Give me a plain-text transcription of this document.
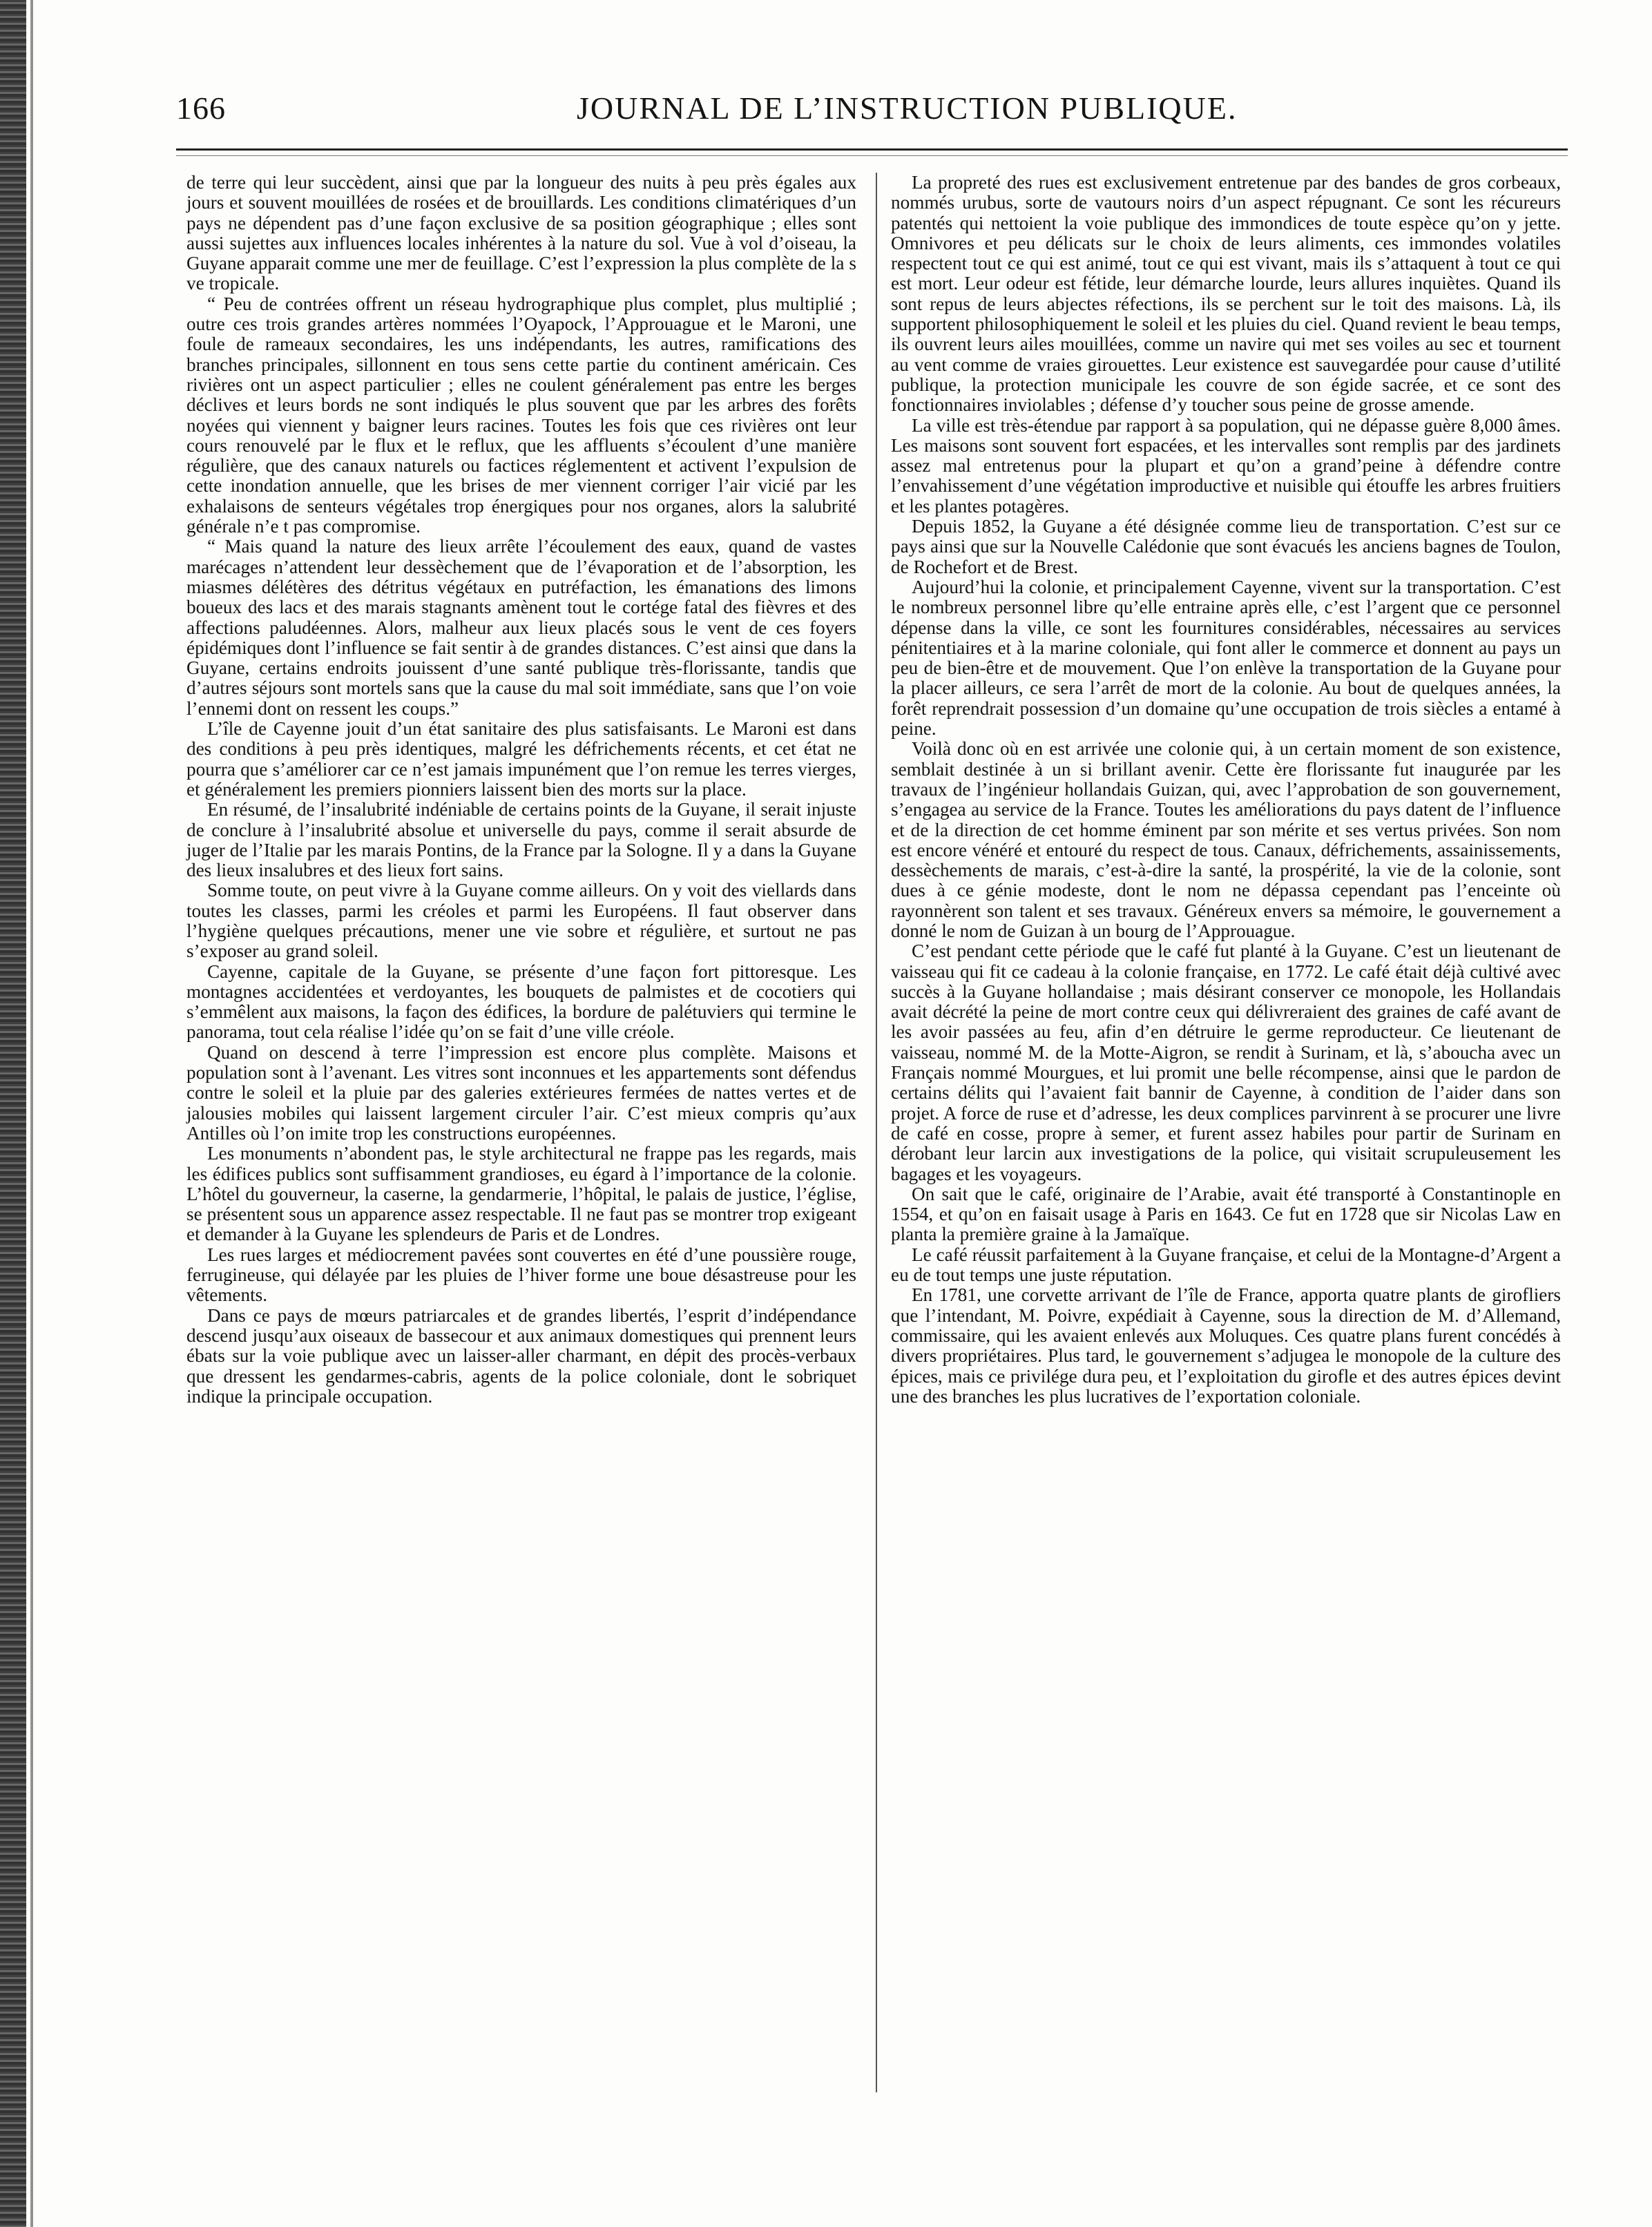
166	JOURNAL DE L’INSTRUCTION PUBLIQUE.

de terre qui leur succèdent, ainsi que par la longueur des nuits à peu près égales aux jours et souvent mouillées de rosées et de brouillards. Les conditions climatériques d’un pays ne dépendent pas d’une façon exclusive de sa position géographique ; elles sont aussi sujettes aux influences locales inhérentes à la nature du sol. Vue à vol d’oiseau, la Guyane apparait comme une mer de feuillage. C’est l’expression la plus complète de la s ve tropicale.

“ Peu de contrées offrent un réseau hydrographique plus complet, plus multiplié ; outre ces trois grandes artères nommées l’Oyapock, l’Approuague et le Maroni, une foule de rameaux secondaires, les uns indépendants, les autres, ramifications des branches principales, sillonnent en tous sens cette partie du continent américain. Ces rivières ont un aspect particulier ; elles ne coulent généralement pas entre les berges déclives et leurs bords ne sont indiqués le plus souvent que par les arbres des forêts noyées qui viennent y baigner leurs racines. Toutes les fois que ces rivières ont leur cours renouvelé par le flux et le reflux, que les affluents s’écoulent d’une manière régulière, que des canaux naturels ou factices réglementent et activent l’expulsion de cette inondation annuelle, que les brises de mer viennent corriger l’air vicié par les exhalaisons de senteurs végétales trop énergiques pour nos organes, alors la salubrité générale n’e t pas compromise.

“ Mais quand la nature des lieux arrête l’écoulement des eaux, quand de vastes marécages n’attendent leur dessèchement que de l’évaporation et de l’absorption, les miasmes délétères des détritus végétaux en putréfaction, les émanations des limons boueux des lacs et des marais stagnants amènent tout le cortége fatal des fièvres et des affections paludéennes. Alors, malheur aux lieux placés sous le vent de ces foyers épidémiques dont l’influence se fait sentir à de grandes distances. C’est ainsi que dans la Guyane, certains endroits jouissent d’une santé publique très-florissante, tandis que d’autres séjours sont mortels sans que la cause du mal soit immédiate, sans que l’on voie l’ennemi dont on ressent les coups.”

L’île de Cayenne jouit d’un état sanitaire des plus satisfaisants. Le Maroni est dans des conditions à peu près identiques, malgré les défrichements récents, et cet état ne pourra que s’améliorer car ce n’est jamais impunément que l’on remue les terres vierges, et généralement les premiers pionniers laissent bien des morts sur la place.

En résumé, de l’insalubrité indéniable de certains points de la Guyane, il serait injuste de conclure à l’insalubrité absolue et universelle du pays, comme il serait absurde de juger de l’Italie par les marais Pontins, de la France par la Sologne. Il y a dans la Guyane des lieux insalubres et des lieux fort sains.

Somme toute, on peut vivre à la Guyane comme ailleurs. On y voit des viellards dans toutes les classes, parmi les créoles et parmi les Européens. Il faut observer dans l’hygiène quelques précautions, mener une vie sobre et régulière, et surtout ne pas s’exposer au grand soleil.

Cayenne, capitale de la Guyane, se présente d’une façon fort pittoresque. Les montagnes accidentées et verdoyantes, les bouquets de palmistes et de cocotiers qui s’emmêlent aux maisons, la façon des édifices, la bordure de palétuviers qui termine le panorama, tout cela réalise l’idée qu’on se fait d’une ville créole.

Quand on descend à terre l’impression est encore plus complète. Maisons et population sont à l’avenant. Les vitres sont inconnues et les appartements sont défendus contre le soleil et la pluie par des galeries extérieures fermées de nattes vertes et de jalousies mobiles qui laissent largement circuler l’air. C’est mieux compris qu’aux Antilles où l’on imite trop les constructions européennes.

Les monuments n’abondent pas, le style architectural ne frappe pas les regards, mais les édifices publics sont suffisamment grandioses, eu égard à l’importance de la colonie. L’hôtel du gouverneur, la caserne, la gendarmerie, l’hôpital, le palais de justice, l’église, se présentent sous un apparence assez respectable. Il ne faut pas se montrer trop exigeant et demander à la Guyane les splendeurs de Paris et de Londres.

Les rues larges et médiocrement pavées sont couvertes en été d’une poussière rouge, ferrugineuse, qui délayée par les pluies de l’hiver forme une boue désastreuse pour les vêtements.

Dans ce pays de mœurs patriarcales et de grandes libertés, l’esprit d’indépendance descend jusqu’aux oiseaux de bassecour et aux animaux domestiques qui prennent leurs ébats sur la voie publique avec un laisser-aller charmant, en dépit des procès-verbaux que dressent les gendarmes-cabris, agents de la police coloniale, dont le sobriquet indique la principale occupation.

La propreté des rues est exclusivement entretenue par des bandes de gros corbeaux, nommés urubus, sorte de vautours noirs d’un aspect répugnant. Ce sont les récureurs patentés qui nettoient la voie publique des immondices de toute espèce qu’on y jette. Omnivores et peu délicats sur le choix de leurs aliments, ces immondes volatiles respectent tout ce qui est animé, tout ce qui est vivant, mais ils s’attaquent à tout ce qui est mort. Leur odeur est fétide, leur démarche lourde, leurs allures inquiètes. Quand ils sont repus de leurs abjectes réfections, ils se perchent sur le toit des maisons. Là, ils supportent philosophiquement le soleil et les pluies du ciel. Quand revient le beau temps, ils ouvrent leurs ailes mouillées, comme un navire qui met ses voiles au sec et tournent au vent comme de vraies girouettes. Leur existence est sauvegardée pour cause d’utilité publique, la protection municipale les couvre de son égide sacrée, et ce sont des fonctionnaires inviolables ; défense d’y toucher sous peine de grosse amende.

La ville est très-étendue par rapport à sa population, qui ne dépasse guère 8,000 âmes. Les maisons sont souvent fort espacées, et les intervalles sont remplis par des jardinets assez mal entretenus pour la plupart et qu’on a grand’peine à défendre contre l’envahissement d’une végétation improductive et nuisible qui étouffe les arbres fruitiers et les plantes potagères.

Depuis 1852, la Guyane a été désignée comme lieu de transportation. C’est sur ce pays ainsi que sur la Nouvelle Calédonie que sont évacués les anciens bagnes de Toulon, de Rochefort et de Brest.

Aujourd’hui la colonie, et principalement Cayenne, vivent sur la transportation. C’est le nombreux personnel libre qu’elle entraine après elle, c’est l’argent que ce personnel dépense dans la ville, ce sont les fournitures considérables, nécessaires au services pénitentiaires et à la marine coloniale, qui font aller le commerce et donnent au pays un peu de bien-être et de mouvement. Que l’on enlève la transportation de la Guyane pour la placer ailleurs, ce sera l’arrêt de mort de la colonie. Au bout de quelques années, la forêt reprendrait possession d’un domaine qu’une occupation de trois siècles a entamé à peine.

Voilà donc où en est arrivée une colonie qui, à un certain moment de son existence, semblait destinée à un si brillant avenir. Cette ère florissante fut inaugurée par les travaux de l’ingénieur hollandais Guizan, qui, avec l’approbation de son gouvernement, s’engagea au service de la France. Toutes les améliorations du pays datent de l’influence et de la direction de cet homme éminent par son mérite et ses vertus privées. Son nom est encore vénéré et entouré du respect de tous. Canaux, défrichements, assainissements, dessèchements de marais, c’est-à-dire la santé, la prospérité, la vie de la colonie, sont dues à ce génie modeste, dont le nom ne dépassa cependant pas l’enceinte où rayonnèrent son talent et ses travaux. Généreux envers sa mémoire, le gouvernement a donné le nom de Guizan à un bourg de l’Approuague.

C’est pendant cette période que le café fut planté à la Guyane. C’est un lieutenant de vaisseau qui fit ce cadeau à la colonie française, en 1772. Le café était déjà cultivé avec succès à la Guyane hollandaise ; mais désirant conserver ce monopole, les Hollandais avait décrété la peine de mort contre ceux qui délivreraient des graines de café avant de les avoir passées au feu, afin d’en détruire le germe reproducteur. Ce lieutenant de vaisseau, nommé M. de la Motte-Aigron, se rendit à Surinam, et là, s’aboucha avec un Français nommé Mourgues, et lui promit une belle récompense, ainsi que le pardon de certains délits qui l’avaient fait bannir de Cayenne, à condition de l’aider dans son projet. A force de ruse et d’adresse, les deux complices parvinrent à se procurer une livre de café en cosse, propre à semer, et furent assez habiles pour partir de Surinam en dérobant leur larcin aux investigations de la police, qui visitait scrupuleusement les bagages et les voyageurs.

On sait que le café, originaire de l’Arabie, avait été transporté à Constantinople en 1554, et qu’on en faisait usage à Paris en 1643. Ce fut en 1728 que sir Nicolas Law en planta la première graine à la Jamaïque.

Le café réussit parfaitement à la Guyane française, et celui de la Montagne-d’Argent a eu de tout temps une juste réputation.

En 1781, une corvette arrivant de l’île de France, apporta quatre plants de girofliers que l’intendant, M. Poivre, expédiait à Cayenne, sous la direction de M. d’Allemand, commissaire, qui les avaient enlevés aux Moluques. Ces quatre plans furent concédés à divers propriétaires. Plus tard, le gouvernement s’adjugea le monopole de la culture des épices, mais ce privilége dura peu, et l’exploitation du girofle et des autres épices devint une des branches les plus lucratives de l’exportation coloniale.
